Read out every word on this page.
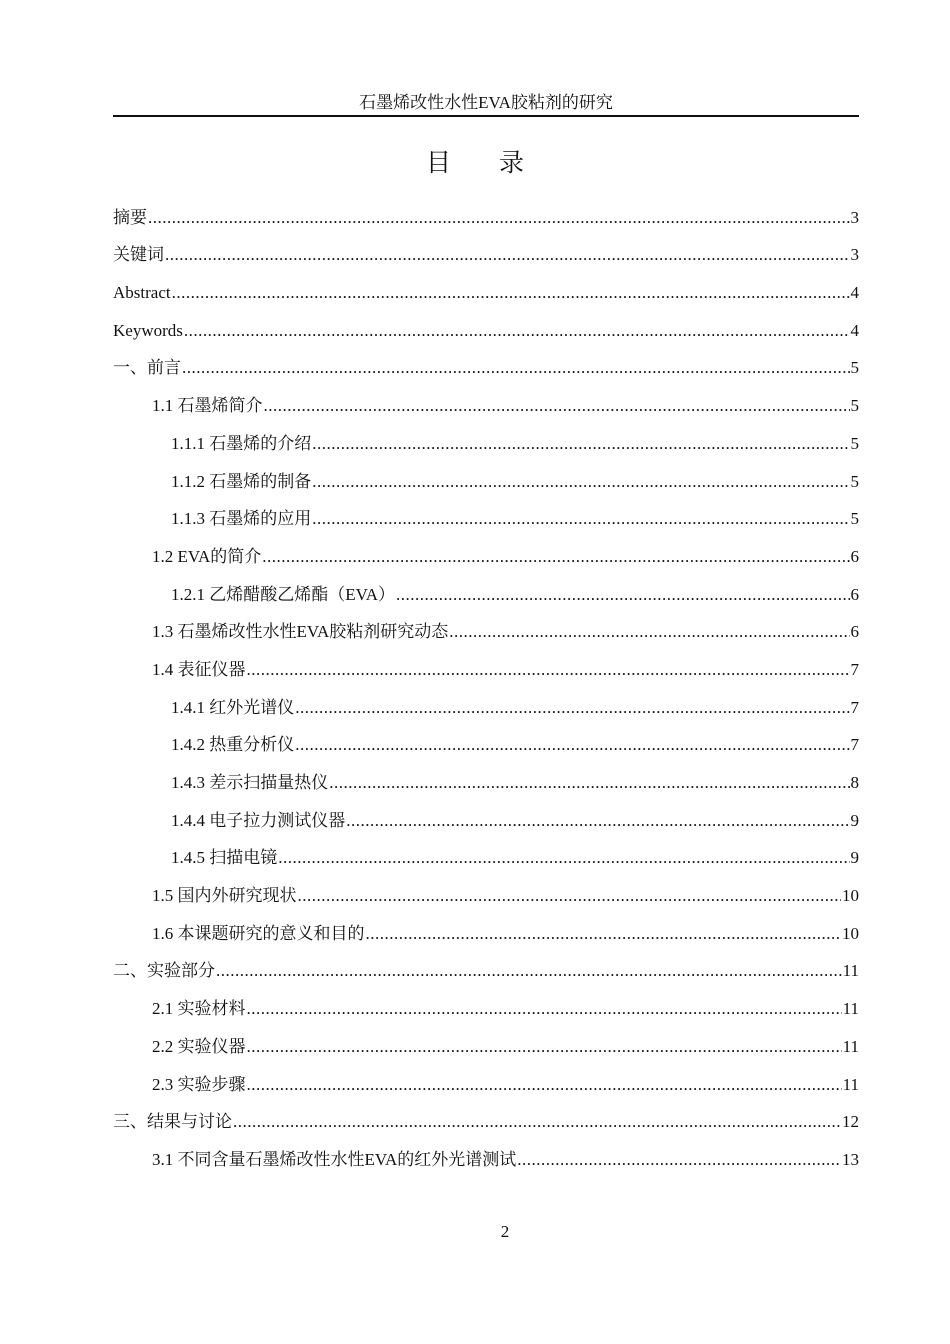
石墨烯改性水性EVA胶粘剂的研究
目 录
摘要 .....	3
关键词 .....	3
Abstract .....	4
Keywords .....	4
一、前言 .....	5
1.1 石墨烯简介 .....	5
1.1.1 石墨烯的介绍 .....	5
1.1.2 石墨烯的制备 .....	5
1.1.3 石墨烯的应用 .....	5
1.2 EVA的简介 .....	6
1.2.1 乙烯醋酸乙烯酯（EVA） .....	6
1.3 石墨烯改性水性EVA胶粘剂研究动态 .....	6
1.4 表征仪器 .....	7
1.4.1 红外光谱仪 .....	7
1.4.2 热重分析仪 .....	7
1.4.3 差示扫描量热仪 .....	8
1.4.4 电子拉力测试仪器 .....	9
1.4.5 扫描电镜 .....	9
1.5 国内外研究现状 .....	10
1.6 本课题研究的意义和目的 .....	10
二、实验部分 .....	11
2.1 实验材料 .....	11
2.2 实验仪器 .....	11
2.3 实验步骤 .....	11
三、结果与讨论 .....	12
3.1 不同含量石墨烯改性水性EVA的红外光谱测试 .....	13
2
